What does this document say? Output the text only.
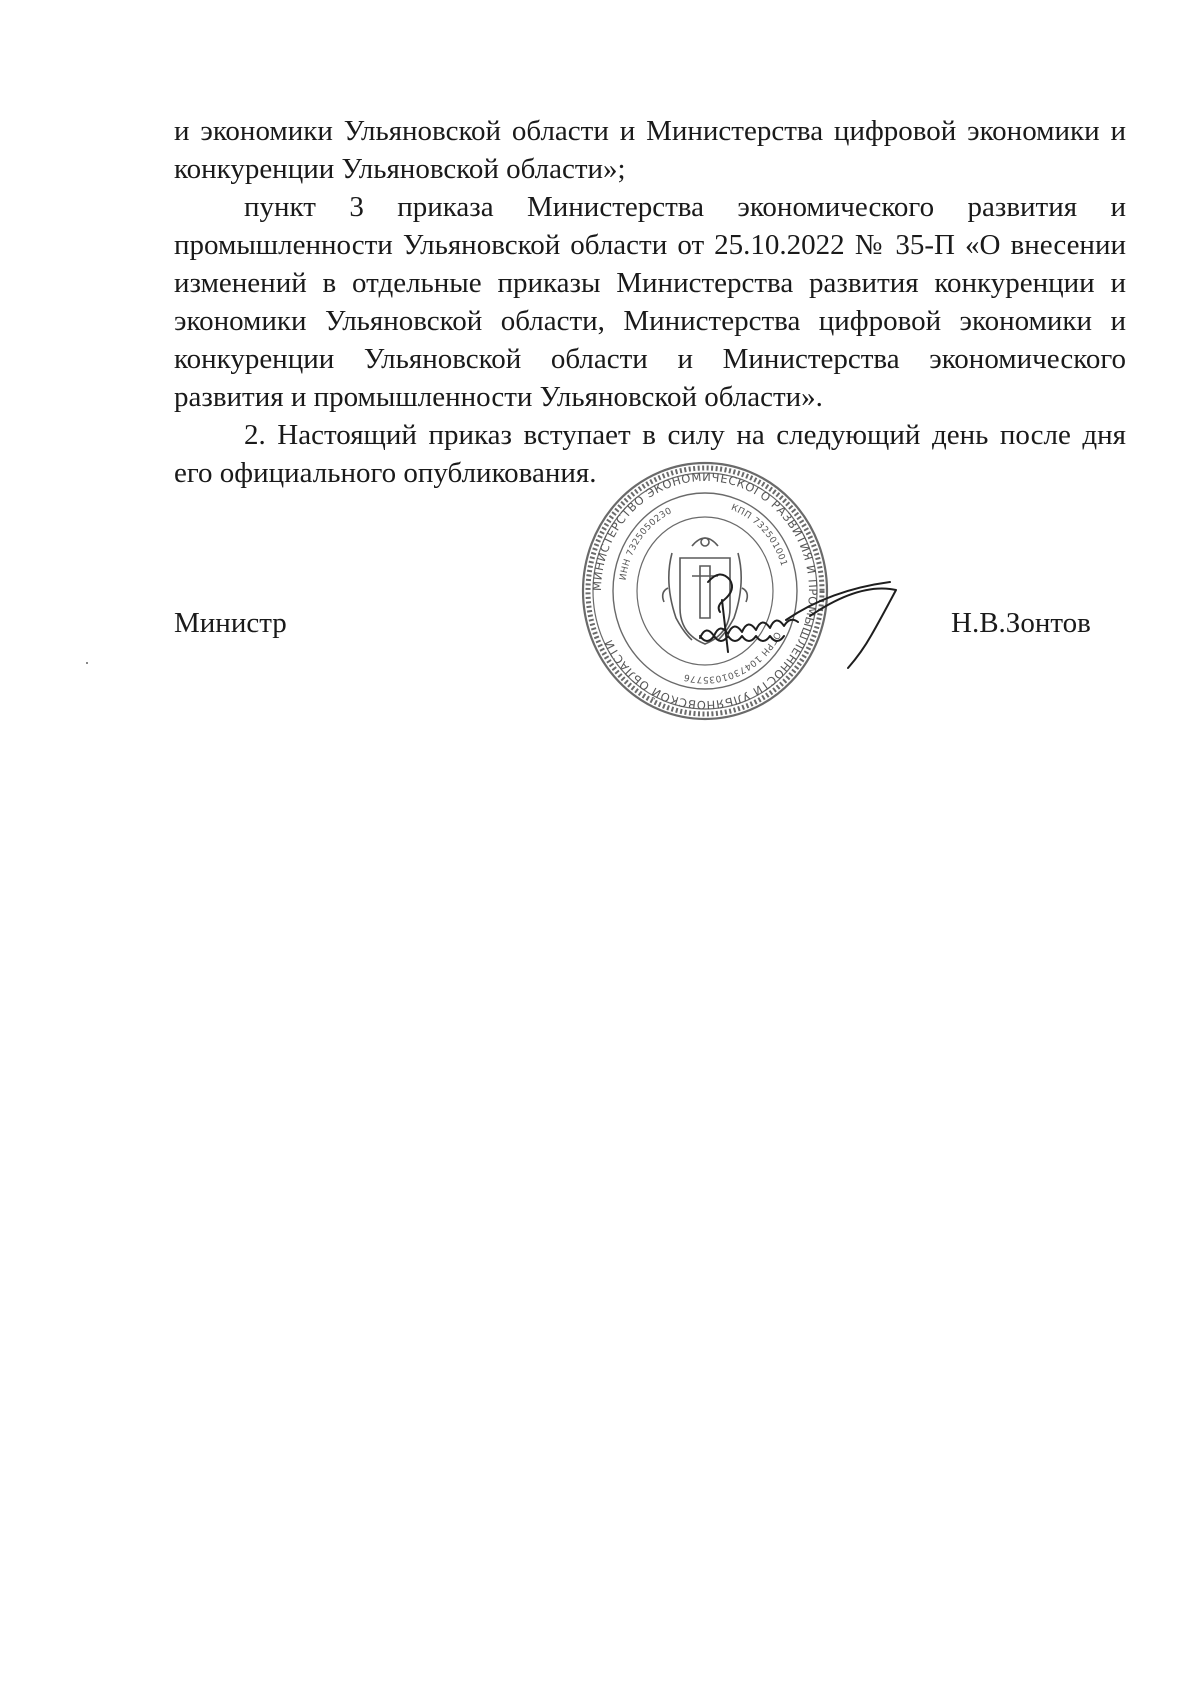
и экономики Ульяновской области и Министерства цифровой экономики и конкуренции Ульяновской области»;

пункт 3 приказа Министерства экономического развития и промышленности Ульяновской области от 25.10.2022 № 35-П «О внесении изменений в отдельные приказы Министерства развития конкуренции и экономики Ульяновской области, Министерства цифровой экономики и конкуренции Ульяновской области и Министерства экономического развития и промышленности Ульяновской области».

2. Настоящий приказ вступает в силу на следующий день после дня его официального опубликования.

Министр	Н.В.Зонтов
МИНИСТЕРСТВО ЭКОНОМИЧЕСКОГО РАЗВИТИЯ И ПРОМЫШЛЕННОСТИ УЛЬЯНОВСКОЙ ОБЛАСТИ
ИНН 7325050230	КПП 732501001
ОГРН 1047301035776
